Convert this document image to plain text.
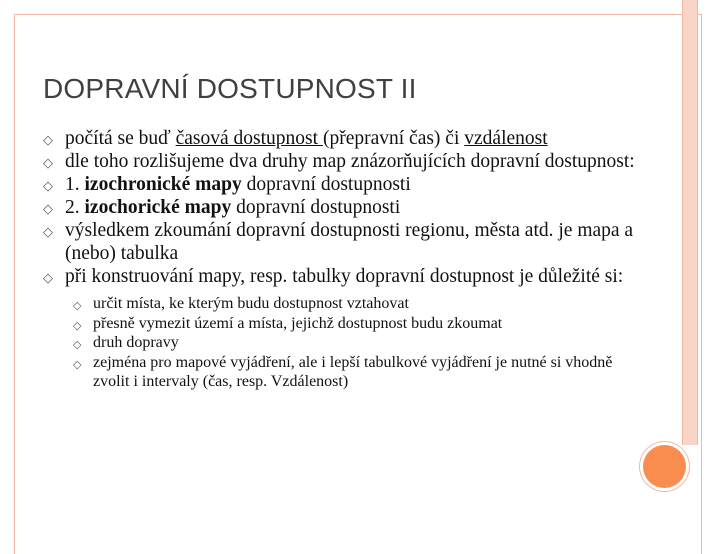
DOPRAVNÍ DOSTUPNOST II
◇ počítá se buď časová dostupnost (přepravní čas) či vzdálenost
◇ dle toho rozlišujeme dva druhy map znázorňujících dopravní dostupnost:
◇ 1. izochronické mapy dopravní dostupnosti
◇ 2. izochorické mapy dopravní dostupnosti
◇ výsledkem zkoumání dopravní dostupnosti regionu, města atd. je mapa a (nebo) tabulka
◇ při konstruování mapy, resp. tabulky dopravní dostupnost je důležité si:
◇ určit místa, ke kterým budu dostupnost vztahovat
◇ přesně vymezit území a místa, jejichž dostupnost budu zkoumat
◇ druh dopravy
◇ zejména pro mapové vyjádření, ale i lepší tabulkové vyjádření je nutné si vhodně zvolit i intervaly (čas, resp. Vzdálenost)
